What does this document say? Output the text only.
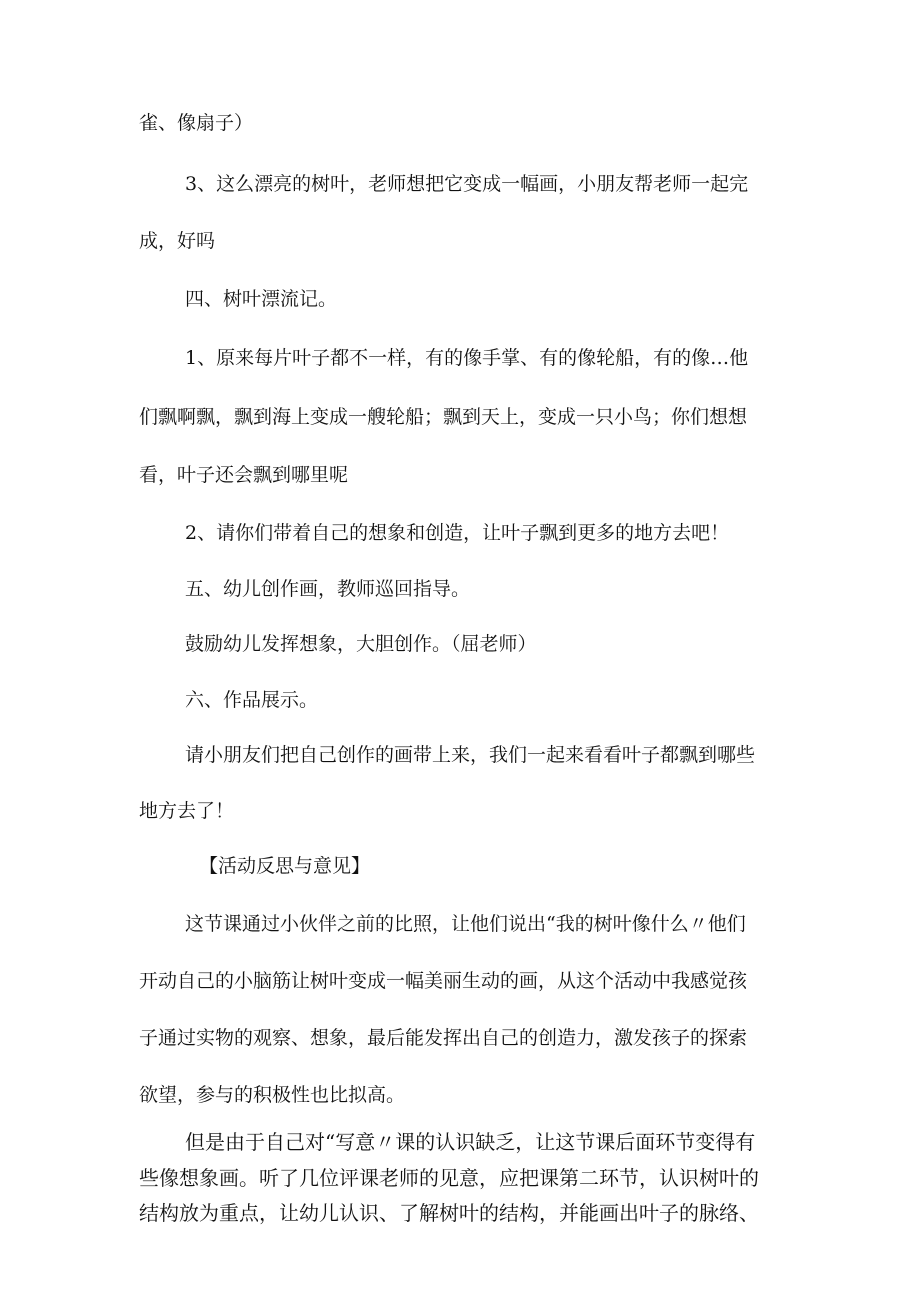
雀、像扇子）

3、这么漂亮的树叶，老师想把它变成一幅画，小朋友帮老师一起完

成，好吗

四、树叶漂流记。

1、原来每片叶子都不一样，有的像手掌、有的像轮船，有的像…他

们飘啊飘，飘到海上变成一艘轮船；飘到天上，变成一只小鸟；你们想想

看，叶子还会飘到哪里呢

2、请你们带着自己的想象和创造，让叶子飘到更多的地方去吧！

五、幼儿创作画，教师巡回指导。

鼓励幼儿发挥想象，大胆创作。（屈老师）

六、作品展示。

请小朋友们把自己创作的画带上来，我们一起来看看叶子都飘到哪些

地方去了！

【活动反思与意见】

这节课通过小伙伴之前的比照，让他们说出“我的树叶像什么〃他们

开动自己的小脑筋让树叶变成一幅美丽生动的画，从这个活动中我感觉孩

子通过实物的观察、想象，最后能发挥出自己的创造力，激发孩子的探索

欲望，参与的积极性也比拟高。

但是由于自己对“写意〃课的认识缺乏，让这节课后面环节变得有

些像想象画。听了几位评课老师的见意，应把课第二环节，认识树叶的

结构放为重点，让幼儿认识、了解树叶的结构，并能画出叶子的脉络、
